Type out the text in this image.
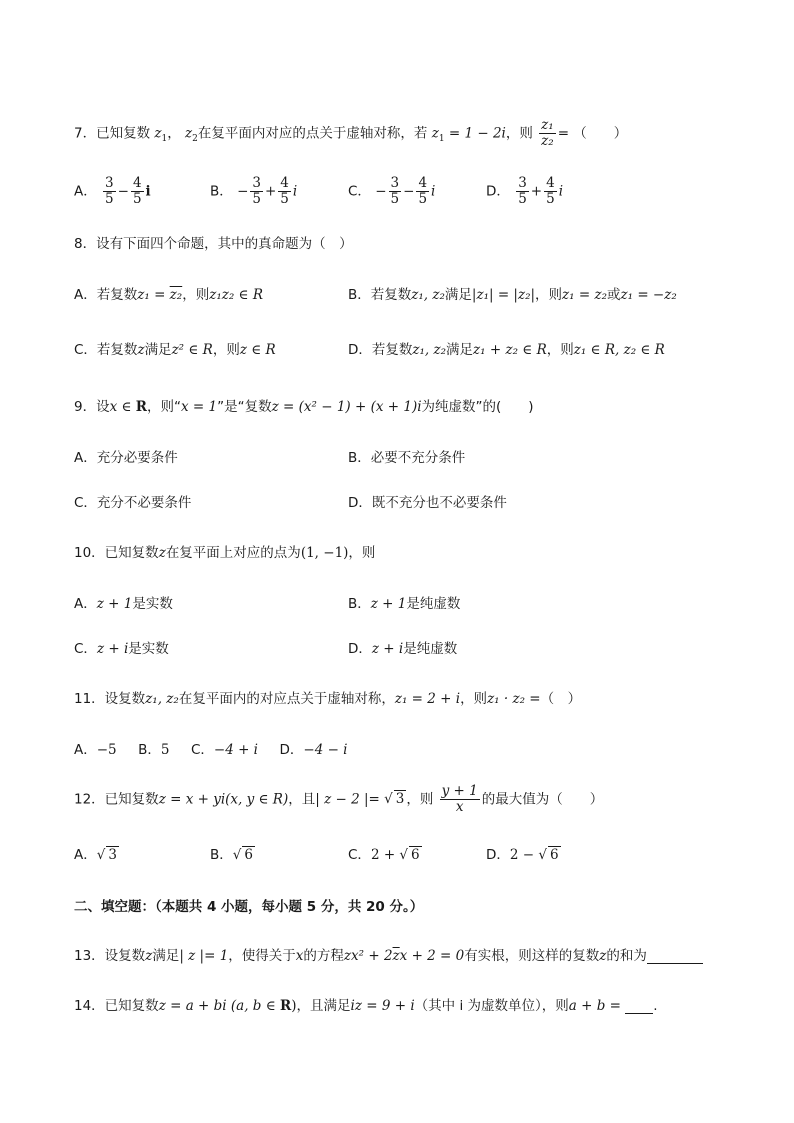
7．已知复数 $z_1$， $z_2$在复平面内对应的点关于虚轴对称，若 $z_1 = 1 - 2i$，则 $\frac{\text{z₁}}{\text{z₂}}$ = （　　）
A． $\frac{3}{5} - \frac{4}{5}$ i	B． − $\frac{3}{5} + \frac{4}{5}$ i	C． − $\frac{3}{5} - \frac{4}{5}$ i	D． $\frac{3}{5} + \frac{4}{5}$ i
8．设有下面四个命题，其中的真命题为（　）
A．若复数z₁ = z₂，则z₁z₂ ∈ R	B．若复数z₁, z₂满足|z₁| = |z₂|，则z₁ = z₂或z₁ = −z₂
C．若复数z满足z² ∈ R，则z ∈ R	D．若复数z₁, z₂满足z₁ + z₂ ∈ R，则z₁ ∈ R, z₂ ∈ R
9．设x ∈ R，则“x = 1”是“复数z = (x² − 1) + (x + 1)i为纯虚数”的(　　)
A．充分必要条件	B．必要不充分条件
C．充分不必要条件	D．既不充分也不必要条件
10．已知复数z在复平面上对应的点为(1, −1)，则
A．z + 1是实数	B．z + 1是纯虚数
C．z + i是实数	D．z + i是纯虚数
11．设复数z₁, z₂在复平面内的对应点关于虚轴对称，z₁ = 2 + i，则z₁ · z₂ =（　）
A．−5 B．5 C．−4 + i D．−4 − i
12．已知复数z = x + yi(x, y ∈ R)，且| z − 2 |= √ 3 ，则 $\frac{y + 1}{x}$ 的最大值为（　　）
A．√ 3	B．√ 6	C．2 + √ 6	D．2 − √ 6
二、填空题：（本题共 4 小题，每小题 5 分，共 20 分。）
13．设复数z满足| z |= 1，使得关于x的方程$zx^2 + 2\overline{z}x + 2 = 0$有实根，则这样的复数z的和为
14．已知复数z = a + bi (a, b ∈ R)，且满足iz = 9 + i（其中 i 为虚数单位），则a + b = .
